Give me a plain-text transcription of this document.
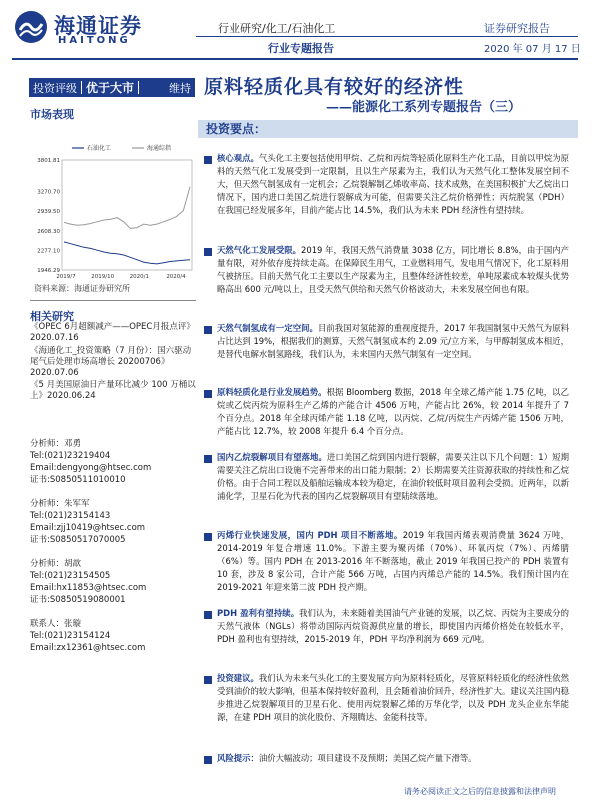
海通证券
HAITONG
行业研究/化工/石油化工
行业专题报告
证券研究报告
2020 年 07 月 17 日
投资评级 优于大市	维持 原料轻质化具有较好的经济性
——能源化工系列专题报告（三）
市场表现
3801.81
3270.70
2939.50
2608.30
2277.10
1946.29
2019/7	2019/10	2020/1	2020/4
石油化工	海通综指
资料来源：海通证券研究所
相关研究
《OPEC 6月超额减产——OPEC月报点评》2020.07.16
《海通化工_投资策略（7 月份）：国六驱动尾气后处理市场高增长 20200706》2020.07.06
《5 月美国原油日产量环比减少 100 万桶以上》2020.06.24
分析师：邓勇
Tel:(021)23219404
Email:dengyong@htsec.com
证书:S0850511010010
分析师：朱军军
Tel:(021)23154143
Email:zjj10419@htsec.com
证书:S0850517070005
分析师：胡歆
Tel:(021)23154505
Email:hx11853@htsec.com
证书:S0850519080001
联系人：张璇
Tel:(021)23154124
Email:zx12361@htsec.com
投资要点：
核心观点。气头化工主要包括使用甲烷、乙烷和丙烷等轻质化原料生产化工品，目前以甲烷为原料的天然气化工发展受到一定限制，且以生产尿素为主，我们认为天然气化工整体发展空间不大，但天然气制氢成有一定机会；乙烷裂解制乙烯收率高、技术成熟，在美国积极扩大乙烷出口情况下，国内进口美国乙烷进行裂解成为可能，但需要关注乙烷价格弹性；丙烷脱氢（PDH）在我国已经发展多年，目前产能占比 14.5%，我们认为未来 PDH 经济性有望持续。
天然气化工发展受限。2019 年，我国天然气消费量 3038 亿方，同比增长 8.8%，由于国内产量有限，对外依存度持续走高。在保障民生用气，工业燃料用气，发电用气情况下，化工原料用气被挤压。目前天然气化工主要以生产尿素为主，且整体经济性较差，单吨尿素成本较煤头优势略高出 600 元/吨以上，且受天然气供给和天然气价格波动大，未来发展空间也有限。
天然气制氢成有一定空间。目前我国对氢能源的重视度提升，2017 年我国制氢中天然气为原料占比达到 19%，根据我们的测算，天然气制氢成本约 2.09 元/立方米，与甲醇制氢成本相近，是替代电解水制氢路线，我们认为，未来国内天然气制氢有一定空间。
原料轻质化是行业发展趋势。根据 Bloomberg 数据，2018 年全球乙烯产能 1.75 亿吨，以乙烷或乙烷丙烷为原料生产乙烯的产能合计 4506 万吨，产能占比 26%，较 2014 年提升了 7 个百分点。2018 年全球丙烯产能 1.18 亿吨，以丙烷、乙烷/丙烷生产丙烯产能 1506 万吨，产能占比 12.7%，较 2008 年提升 6.4 个百分点。
国内乙烷裂解项目有望落地。进口美国乙烷到国内进行裂解，需要关注以下几个问题：1）短期需要关注乙烷出口设施不完善带来的出口能力限制；2）长期需要关注资源获取的持续性和乙烷价格。由于合同工程以及船舶运输成本较为稳定，在油价较低时项目盈利会受损。近两年，以新浦化学，卫星石化为代表的国内乙烷裂解项目有望陆续落地。
丙烯行业快速发展，国内 PDH 项目不断落地。2019 年我国丙烯表观消费量 3624 万吨，2014-2019 年复合增速 11.0%。下游主要为聚丙烯（70%）、环氧丙烷（7%）、丙烯腈（6%）等。国内 PDH 在 2013-2016 年不断落地，截止 2019 年我国已投产的 PDH 装置有 10 套，涉及 8 家公司，合计产能 566 万吨，占国内丙烯总产能的 14.5%。我们预计国内在 2019-2021 年迎来第二波 PDH 投产期。
PDH 盈利有望持续。我们认为，未来随着美国油气产业链的发展，以乙烷、丙烷为主要成分的天然气液体（NGLs）将带动国际丙烷资源供应量的增长，即使国内丙烯价格处在较低水平，PDH 盈利也有望持续，2015-2019 年，PDH 平均净利润为 669 元/吨。
投资建议。我们认为未来气头化工的主要发展方向为原料轻质化，尽管原料轻质化的经济性依然受到油价的较大影响，但基本保持较好盈利，且会随着油价回升，经济性扩大。建议关注国内稳步推进乙烷裂解项目的卫星石化、使用丙烷裂解乙烯的万华化学，以及 PDH 龙头企业东华能源，在建 PDH 项目的滨化股份、齐翔腾达、金能科技等。
风险提示：油价大幅波动；项目建设不及预期；美国乙烷产量下滑等。
请务必阅读正文之后的信息披露和法律声明
